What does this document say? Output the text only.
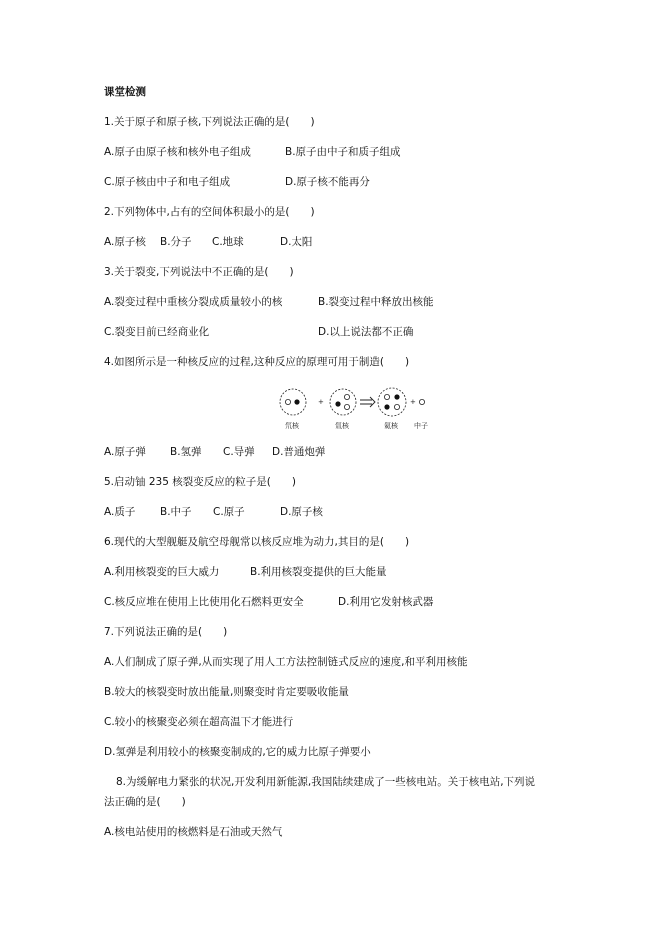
课堂检测
1.关于原子和原子核,下列说法正确的是(　　)
A.原子由原子核和核外电子组成	B.原子由中子和质子组成
C.原子核由中子和电子组成	D.原子核不能再分
2.下列物体中,占有的空间体积最小的是(　　)
A.原子核 B.分子 C.地球	D.太阳
3.关于裂变,下列说法中不正确的是(　　)
A.裂变过程中重核分裂成质量较小的核	B.裂变过程中释放出核能
C.裂变目前已经商业化	D.以上说法都不正确
4.如图所示是一种核反应的过程,这种反应的原理可用于制造(　　)
+	+
氘核	氚核	氦核 中子
A.原子弹 B.氢弹 C.导弹 D.普通炮弹
5.启动铀 235 核裂变反应的粒子是(　　)
A.质子 B.中子 C.原子	D.原子核
6.现代的大型舰艇及航空母舰常以核反应堆为动力,其目的是(　　)
A.利用核裂变的巨大威力	B.利用核裂变提供的巨大能量
C.核反应堆在使用上比使用化石燃料更安全	D.利用它发射核武器
7.下列说法正确的是(　　)
A.人们制成了原子弹,从而实现了用人工方法控制链式反应的速度,和平利用核能
B.较大的核裂变时放出能量,则聚变时肯定要吸收能量
C.较小的核聚变必须在超高温下才能进行
D.氢弹是利用较小的核聚变制成的,它的威力比原子弹要小
8.为缓解电力紧张的状况,开发利用新能源,我国陆续建成了一些核电站。关于核电站,下列说
法正确的是(　　)
A.核电站使用的核燃料是石油或天然气
